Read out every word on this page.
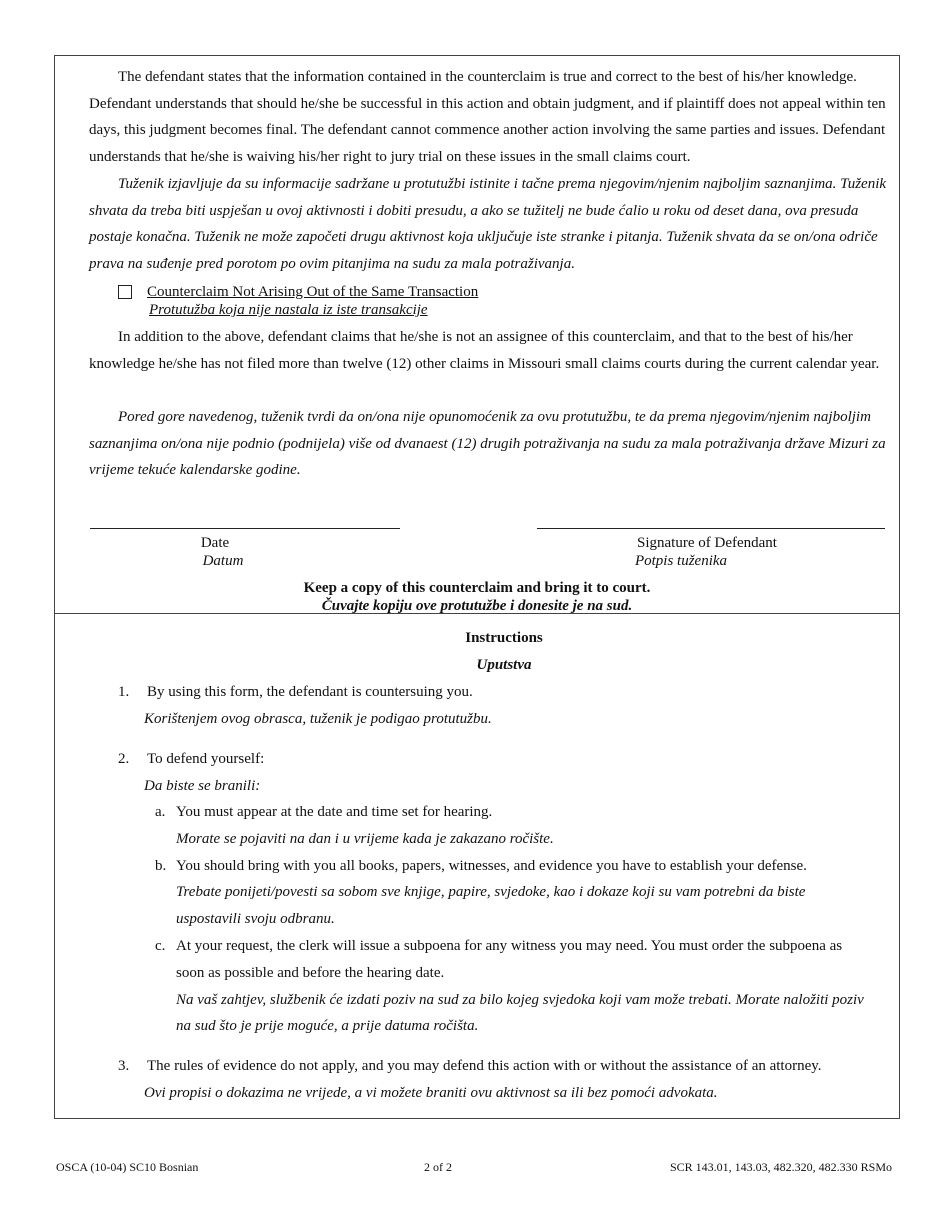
The defendant states that the information contained in the counterclaim is true and correct to the best of his/her knowledge. Defendant understands that should he/she be successful in this action and obtain judgment, and if plaintiff does not appeal within ten days, this judgment becomes final. The defendant cannot commence another action involving the same parties and issues. Defendant understands that he/she is waiving his/her right to jury trial on these issues in the small claims court.

Tuženik izjavljuje da su informacije sadržane u protutužbi istinite i tačne prema njegovim/njenim najboljim saznanjima. Tuženik shvata da treba biti uspješan u ovoj aktivnosti i dobiti presudu, a ako se tužitelj ne bude ćalio u roku od deset dana, ova presuda postaje konačna. Tuženik ne može započeti drugu aktivnost koja uključuje iste stranke i pitanja. Tuženik shvata da se on/ona odriče prava na suđenje pred porotom po ovim pitanjima na sudu za mala potraživanja.

Counterclaim Not Arising Out of the Same Transaction
Protutužba koja nije nastala iz iste transakcije

In addition to the above, defendant claims that he/she is not an assignee of this counterclaim, and that to the best of his/her knowledge he/she has not filed more than twelve (12) other claims in Missouri small claims courts during the current calendar year.

Pored gore navedenog, tuženik tvrdi da on/ona nije opunomoćenik za ovu protutužbu, te da prema njegovim/njenim najboljim saznanjima on/ona nije podnio (podnijela) više od dvanaest (12) drugih potraživanja na sudu za mala potraživanja države Mizuri za vrijeme tekuće kalendarske godine.

Date
Datum
Signature of Defendant
Potpis tuženika
Keep a copy of this counterclaim and bring it to court.
Čuvajte kopiju ove protutužbe i donesite je na sud.
Instructions
Uputstva
1. By using this form, the defendant is countersuing you.
Korištenjem ovog obrasca, tuženik je podigao protutužbu.
2. To defend yourself:
Da biste se branili:
a. You must appear at the date and time set for hearing.
Morate se pojaviti na dan i u vrijeme kada je zakazano ročište.
b. You should bring with you all books, papers, witnesses, and evidence you have to establish your defense.
Trebate ponijeti/povesti sa sobom sve knjige, papire, svjedoke, kao i dokaze koji su vam potrebni da biste
uspostavili svoju odbranu.
c. At your request, the clerk will issue a subpoena for any witness you may need. You must order the subpoena as
soon as possible and before the hearing date.
Na vaš zahtjev, službenik će izdati poziv na sud za bilo kojeg svjedoka koji vam može trebati. Morate naložiti poziv
na sud što je prije moguće, a prije datuma ročišta.
3. The rules of evidence do not apply, and you may defend this action with or without the assistance of an attorney.
Ovi propisi o dokazima ne vrijede, a vi možete braniti ovu aktivnost sa ili bez pomoći advokata.
OSCA (10-04) SC10 Bosnian	2 of 2	SCR 143.01, 143.03, 482.320, 482.330 RSMo
